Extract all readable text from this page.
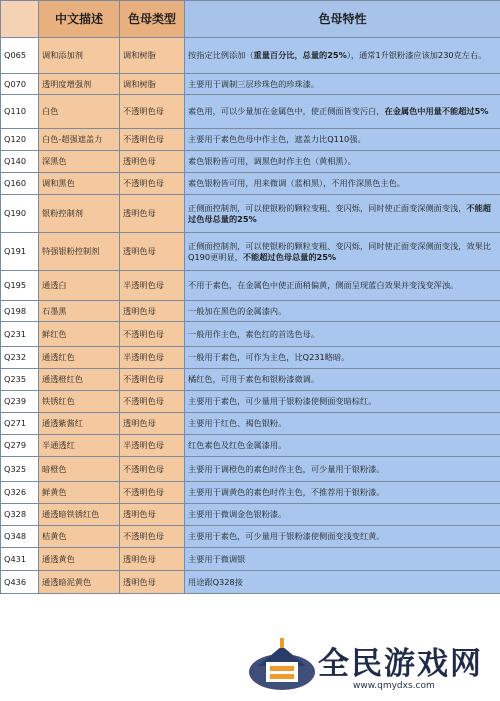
	中文描述	色母类型	色母特性
Q065	调和添加剂	调和树脂	按指定比例添加（重量百分比，总量的25%），通常1升银粉漆应该加230克左右。
Q070	透明度增强剂	调和树脂	主要用于调制三层珍珠色的珍珠漆。
Q110	白色	不透明色母	素色用，可以少量加在金属色中，使正侧面皆变污白，在金属色中用量不能超过5%
Q120	白色-超强遮盖力	不透明色母	主要用于素色色母中作主色，遮盖力比Q110强。
Q140	深黑色	透明色母	素色银粉皆可用，调黑色时作主色（黄相黑）。
Q160	调和黑色	不透明色母	素色银粉皆可用，用来微调（蓝相黑），不用作深黑色主色。
Q190	银粉控制剂	透明色母	正侧面控制剂，可以使银粉的颗粒变粗、变闪烁，同时使正面变深侧面变浅，不能超过色母总量的25%
Q191	特强银粉控制剂	透明色母	正侧面控制剂，可以使银粉的颗粒变粗、变闪烁，同时使正面变深侧面变浅，效果比Q190更明显，不能超过色母总量的25%
Q195	通透白	半透明色母	不用于素色，在金属色中使正面稍偏黄，侧面呈现蓝白效果并变浅变浑浊。
Q198	石墨黑	透明色母	一般加在黑色的金属漆内。
Q231	鲜红色	不透明色母	一般用作主色，素色红的首选色母。
Q232	通透红色	半透明色母	一般用于素色，可作为主色，比Q231略暗。
Q235	通透橙红色	不透明色母	橘红色，可用于素色和银粉漆微调。
Q239	铁锈红色	不透明色母	主要用于素色，可少量用于银粉漆使侧面变暗棕红。
Q271	通透紫酱红	透明色母	主要用于红色、褐色银粉。
Q279	半通透红	半透明色母	红色素色及红色金属漆用。
Q325	暗橙色	不透明色母	主要用于调橙色的素色时作主色，可少量用于银粉漆。
Q326	鲜黄色	不透明色母	主要用于调黄色的素色时作主色，不推荐用于银粉漆。
Q328	通透暗铁锈红色	透明色母	主要用于微调金色银粉漆。
Q348	桔黄色	不透明色母	主要用于素色，可少量用于银粉漆使侧面变浅变红黄。
Q431	通透黄色	透明色母	主要用于微调银
Q436	通透暗泥黄色	透明色母	用途跟Q328接
全民游戏网
www.qmydxs.com
